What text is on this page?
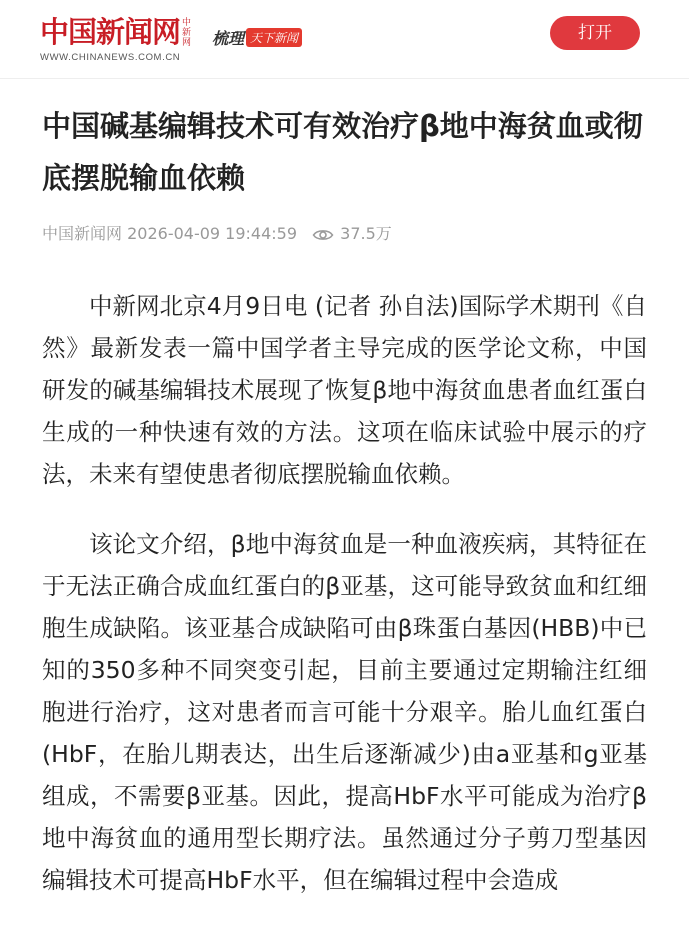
中国新闻网 中新网
WWW.CHINANEWS.COM.CN
梳理 天下新闻	打开
中国碱基编辑技术可有效治疗β地中海贫血或彻底摆脱输血依赖
中国新闻网 2026-04-09 19:44:59	37.5万

中新网北京4月9日电 (记者 孙自法)国际学术期刊《自然》最新发表一篇中国学者主导完成的医学论文称，中国研发的碱基编辑技术展现了恢复β地中海贫血患者血红蛋白生成的一种快速有效的方法。这项在临床试验中展示的疗法，未来有望使患者彻底摆脱输血依赖。

该论文介绍，β地中海贫血是一种血液疾病，其特征在于无法正确合成血红蛋白的β亚基，这可能导致贫血和红细胞生成缺陷。该亚基合成缺陷可由β珠蛋白基因(HBB)中已知的350多种不同突变引起，目前主要通过定期输注红细胞进行治疗，这对患者而言可能十分艰辛。胎儿血红蛋白(HbF，在胎儿期表达，出生后逐渐减少)由a亚基和g亚基组成，不需要β亚基。因此，提高HbF水平可能成为治疗β地中海贫血的通用型长期疗法。虽然通过分子剪刀型基因编辑技术可提高HbF水平，但在编辑过程中会造成
